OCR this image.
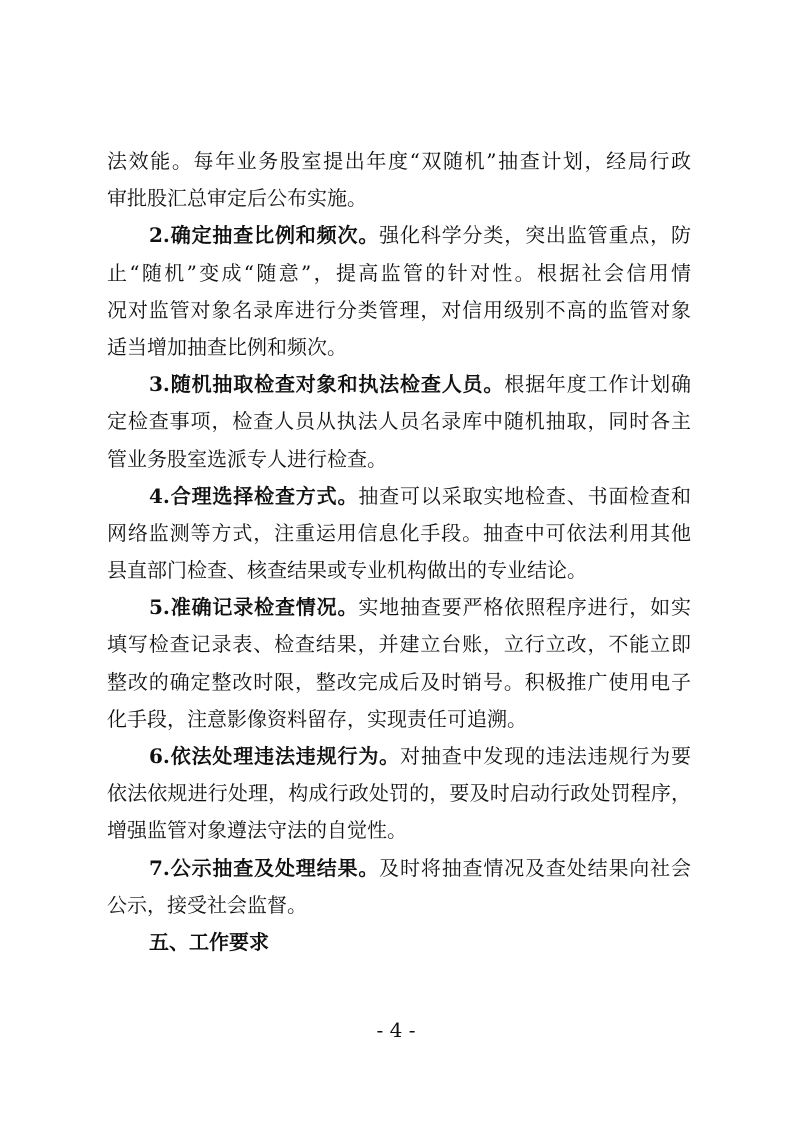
法效能。每年业务股室提出年度“双随机”抽查计划，经局行政
审批股汇总审定后公布实施。
2.确定抽查比例和频次。强化科学分类，突出监管重点，防
止“随机”变成“随意”，提高监管的针对性。根据社会信用情
况对监管对象名录库进行分类管理，对信用级别不高的监管对象
适当增加抽查比例和频次。
3.随机抽取检查对象和执法检查人员。根据年度工作计划确
定检查事项，检查人员从执法人员名录库中随机抽取，同时各主
管业务股室选派专人进行检查。
4.合理选择检查方式。抽查可以采取实地检查、书面检查和
网络监测等方式，注重运用信息化手段。抽查中可依法利用其他
县直部门检查、核查结果或专业机构做出的专业结论。
5.准确记录检查情况。实地抽查要严格依照程序进行，如实
填写检查记录表、检查结果，并建立台账，立行立改，不能立即
整改的确定整改时限，整改完成后及时销号。积极推广使用电子
化手段，注意影像资料留存，实现责任可追溯。
6.依法处理违法违规行为。对抽查中发现的违法违规行为要
依法依规进行处理，构成行政处罚的，要及时启动行政处罚程序，
增强监管对象遵法守法的自觉性。
7.公示抽查及处理结果。及时将抽查情况及查处结果向社会
公示，接受社会监督。
五、工作要求
- 4 -
